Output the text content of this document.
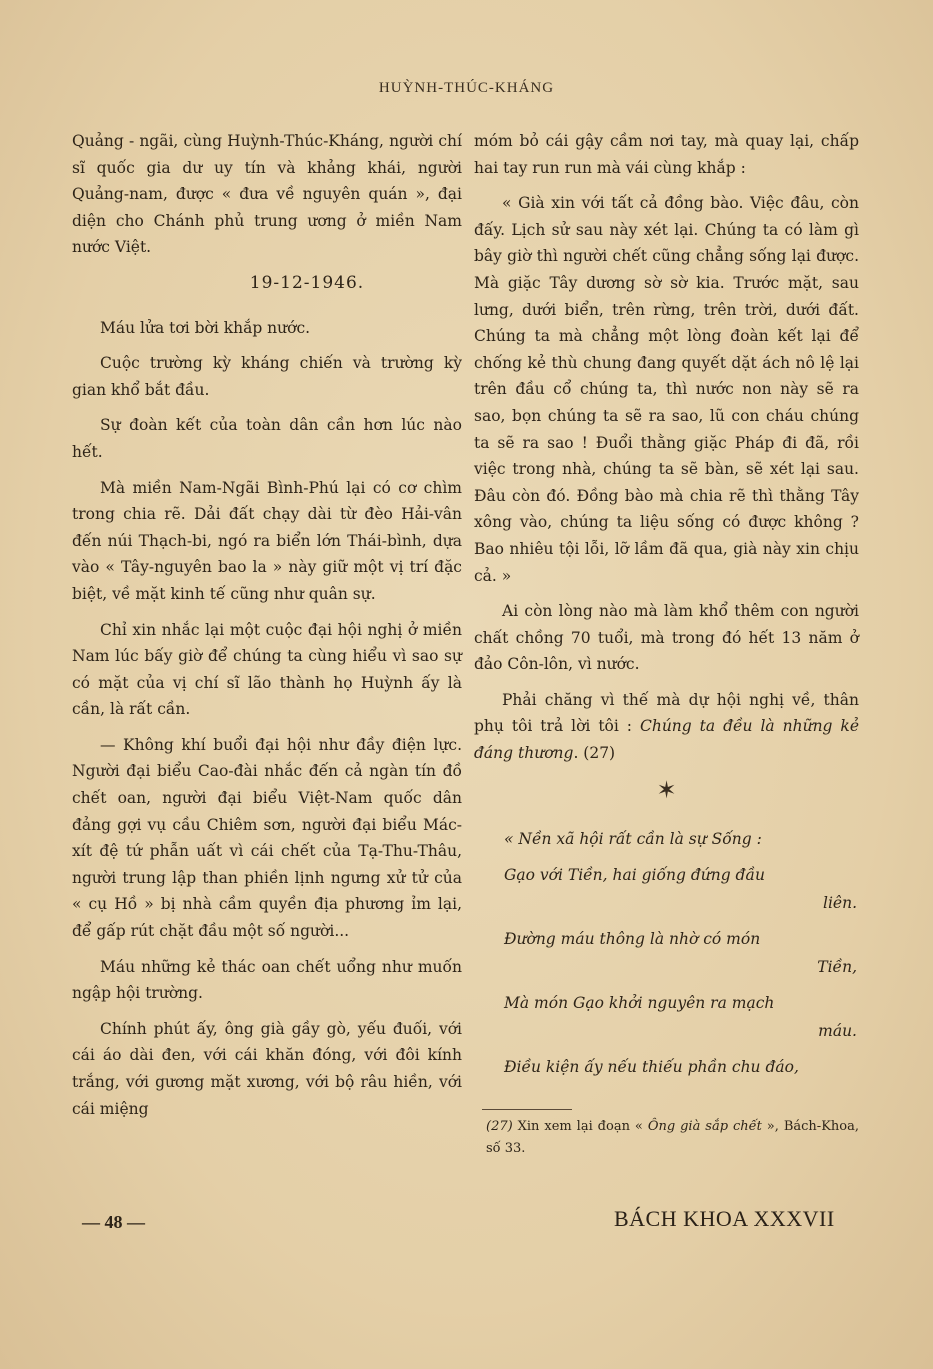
HUỲNH-THÚC-KHÁNG

Quảng - ngãi, cùng Huỳnh-Thúc-Kháng, người chí sĩ quốc gia dư uy tín và khảng khái, người Quảng-nam, được « đưa về nguyên quán », đại diện cho Chánh phủ trung ương ở miền Nam nước Việt.

19-12-1946.

Máu lửa tơi bời khắp nước.

Cuộc trường kỳ kháng chiến và trường kỳ gian khổ bắt đầu.

Sự đoàn kết của toàn dân cần hơn lúc nào hết.

Mà miền Nam-Ngãi Bình-Phú lại có cơ chìm trong chia rẽ. Dải đất chạy dài từ đèo Hải-vân đến núi Thạch-bi, ngó ra biển lớn Thái-bình, dựa vào « Tây-nguyên bao la » này giữ một vị trí đặc biệt, về mặt kinh tế cũng như quân sự.

Chỉ xin nhắc lại một cuộc đại hội nghị ở miền Nam lúc bấy giờ để chúng ta cùng hiểu vì sao sự có mặt của vị chí sĩ lão thành họ Huỳnh ấy là cần, là rất cần.

— Không khí buổi đại hội như đầy điện lực. Người đại biểu Cao-đài nhắc đến cả ngàn tín đồ chết oan, người đại biểu Việt-Nam quốc dân đảng gợi vụ cầu Chiêm sơn, người đại biểu Mác-xít đệ tứ phẫn uất vì cái chết của Tạ-Thu-Thâu, người trung lập than phiền lịnh ngưng xử tử của « cụ Hồ » bị nhà cầm quyền địa phương ỉm lại, để gấp rút chặt đầu một số người...

Máu những kẻ thác oan chết uổng như muốn ngập hội trường.

Chính phút ấy, ông già gầy gò, yếu đuối, với cái áo dài đen, với cái khăn đóng, với đôi kính trắng, với gương mặt xương, với bộ râu hiền, với cái miệng

móm bỏ cái gậy cầm nơi tay, mà quay lại, chấp hai tay run run mà vái cùng khắp :

« Già xin với tất cả đồng bào. Việc đâu, còn đấy. Lịch sử sau này xét lại. Chúng ta có làm gì bây giờ thì người chết cũng chẳng sống lại được. Mà giặc Tây dương sờ sờ kia. Trước mặt, sau lưng, dưới biển, trên rừng, trên trời, dưới đất. Chúng ta mà chẳng một lòng đoàn kết lại để chống kẻ thù chung đang quyết dặt ách nô lệ lại trên đầu cổ chúng ta, thì nước non này sẽ ra sao, bọn chúng ta sẽ ra sao, lũ con cháu chúng ta sẽ ra sao ! Đuổi thằng giặc Pháp đi đã, rồi việc trong nhà, chúng ta sẽ bàn, sẽ xét lại sau. Đâu còn đó. Đồng bào mà chia rẽ thì thằng Tây xông vào, chúng ta liệu sống có được không ? Bao nhiêu tội lỗi, lỡ lầm đã qua, già này xin chịu cả. »

Ai còn lòng nào mà làm khổ thêm con người chất chồng 70 tuổi, mà trong đó hết 13 năm ở đảo Côn-lôn, vì nước.

Phải chăng vì thế mà dự hội nghị về, thân phụ tôi trả lời tôi : Chúng ta đều là những kẻ đáng thương. (27)

✶
« Nền xã hội rất cần là sự Sống :
Gạo với Tiền, hai giống đứng đầu
liên.
Đường máu thông là nhờ có món
Tiền,
Mà món Gạo khởi nguyên ra mạch
máu.
Điều kiện ấy nếu thiếu phần chu đáo,
(27) Xin xem lại đoạn « Ông già sắp chết », Bách-Khoa, số 33.
— 48 —	BÁCH KHOA XXXVII
